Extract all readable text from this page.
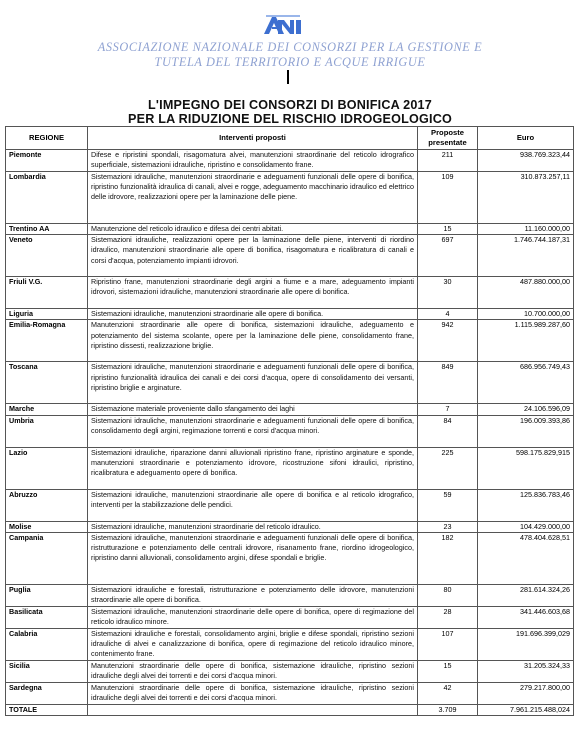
ASSOCIAZIONE NAZIONALE DEI CONSORZI PER LA GESTIONE E
TUTELA DEL TERRITORIO E ACQUE IRRIGUE
L'IMPEGNO DEI CONSORZI DI BONIFICA 2017
PER LA RIDUZIONE DEL RISCHIO IDROGEOLOGICO
REGIONE	Interventi proposti	Proposte presentate	Euro
Piemonte	Difese e ripristini spondali, risagomatura alvei, manutenzioni straordinarie del reticolo idrografico superficiale, sistemazioni idrauliche, ripristino e consolidamento frane.	211	938.769.323,44
Lombardia	Sistemazioni idrauliche, manutenzioni straordinarie e adeguamenti funzionali delle opere di bonifica, ripristino funzionalità idraulica di canali, alvei e rogge, adeguamento macchinario idraulico ed elettrico delle idrovore, realizzazioni opere per la laminazione delle piene.	109	310.873.257,11
Trentino AA	Manutenzione del reticolo idraulico e difesa dei centri abitati.	15	11.160.000,00
Veneto	Sistemazioni idrauliche, realizzazioni opere per la laminazione delle piene, interventi di riordino idraulico, manutenzioni straordinarie alle opere di bonifica, risagomatura e ricalibratura di canali e corsi d'acqua, potenziamento impianti idrovori.	697	1.746.744.187,31
Friuli V.G.	Ripristino frane, manutenzioni straordinarie degli argini a fiume e a mare, adeguamento impianti idrovori, sistemazioni idrauliche, manutenzioni straordinarie alle opere di bonifica.	30	487.880.000,00
Liguria	Sistemazioni idrauliche, manutenzioni straordinarie alle opere di bonifica.	4	10.700.000,00
Emilia-Romagna	Manutenzioni straordinarie alle opere di bonifica, sistemazioni idrauliche, adeguamento e potenziamento del sistema scolante, opere per la laminazione delle piene, consolidamento frane, ripristino dissesti, realizzazione briglie.	942	1.115.989.287,60
Toscana	Sistemazioni idrauliche, manutenzioni straordinarie e adeguamenti funzionali delle opere di bonifica, ripristino funzionalità idraulica dei canali e dei corsi d'acqua, opere di consolidamento dei versanti, ripristino briglie e arginature.	849	686.956.749,43
Marche	Sistemazione materiale proveniente dallo sfangamento dei laghi	7	24.106.596,09
Umbria	Sistemazioni idrauliche, manutenzioni straordinarie e adeguamenti funzionali delle opere di bonifica, consolidamento degli argini, regimazione torrenti e corsi d'acqua minori.	84	196.009.393,86
Lazio	Sistemazioni idrauliche, riparazione danni alluvionali ripristino frane, ripristino arginature e sponde, manutenzioni straordinarie e potenziamento idrovore, ricostruzione sifoni idraulici, ripristino, ricalibratura e adeguamento opere di bonifica.	225	598.175.829,915
Abruzzo	Sistemazioni idrauliche, manutenzioni straordinarie alle opere di bonifica e al reticolo idrografico, interventi per la stabilizzazione delle pendici.	59	125.836.783,46
Molise	Sistemazioni idrauliche, manutenzioni straordinarie del reticolo idraulico.	23	104.429.000,00
Campania	Sistemazioni idrauliche, manutenzioni straordinarie e adeguamenti funzionali delle opere di bonifica, ristrutturazione e potenziamento delle centrali idrovore, risanamento frane, riordino idrogeologico, ripristino danni alluvionali, consolidamento argini, difese spondali e briglie.	182	478.404.628,51
Puglia	Sistemazioni idrauliche e forestali, ristrutturazione e potenziamento delle idrovore, manutenzioni straordinarie alle opere di bonifica.	80	281.614.324,26
Basilicata	Sistemazioni idrauliche, manutenzioni straordinarie delle opere di bonifica, opere di regimazione del reticolo idraulico minore.	28	341.446.603,68
Calabria	Sistemazioni idrauliche e forestali, consolidamento argini, briglie e difese spondali, ripristino sezioni idrauliche di alvei e canalizzazione di bonifica, opere di regimazione del reticolo idraulico minore, contenimento frane.	107	191.696.399,029
Sicilia	Manutenzioni straordinarie delle opere di bonifica, sistemazione idrauliche, ripristino sezioni idrauliche degli alvei dei torrenti e dei corsi d'acqua minori.	15	31.205.324,33
Sardegna	Manutenzioni straordinarie delle opere di bonifica, sistemazione idrauliche, ripristino sezioni idrauliche degli alvei dei torrenti e dei corsi d'acqua minori.	42	279.217.800,00
TOTALE		3.709	7.961.215.488,024
